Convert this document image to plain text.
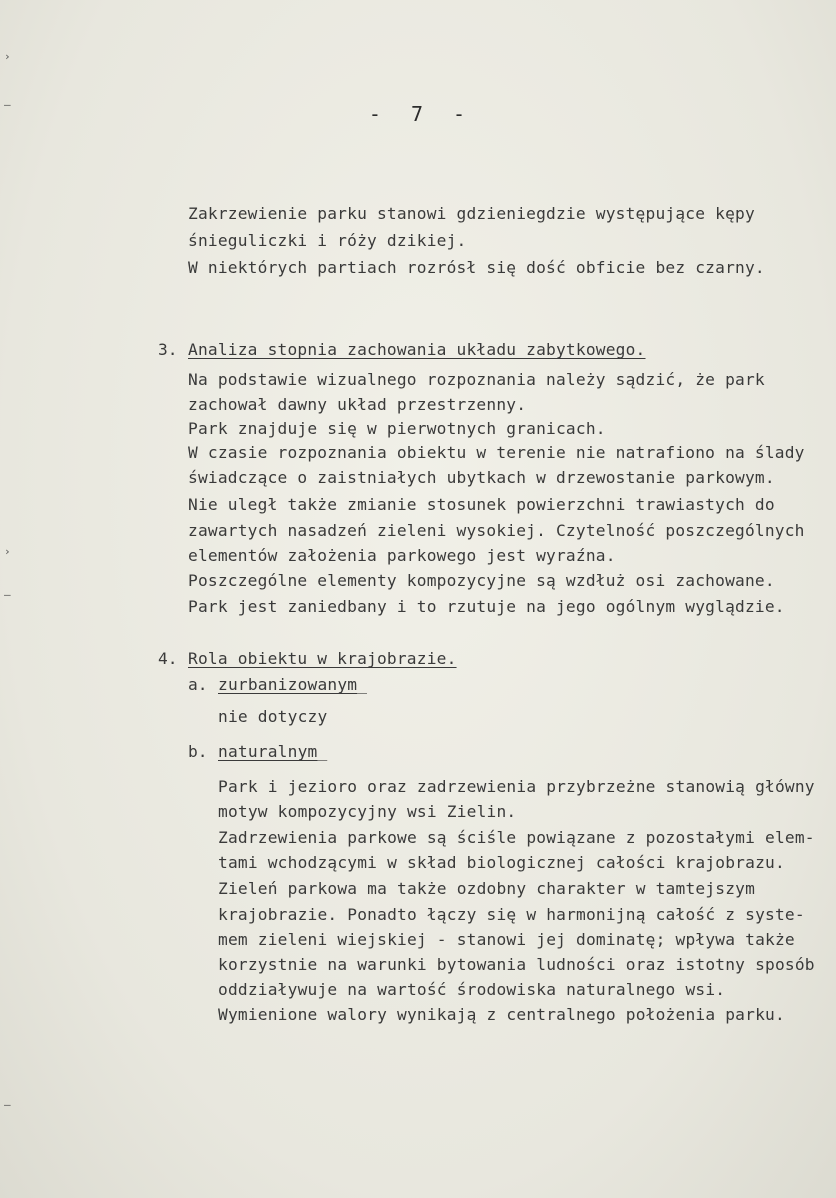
›
–
›
–
–
- 7 -
Zakrzewienie parku stanowi gdzieniegdzie występujące kępy
śnieguliczki i róży dzikiej.
W niektórych partiach rozrósł się dość obficie bez czarny.
3. Analiza stopnia zachowania układu zabytkowego.
Na podstawie wizualnego rozpoznania należy sądzić, że park
zachował dawny układ przestrzenny.
Park znajduje się w pierwotnych granicach.
W czasie rozpoznania obiektu w terenie nie natrafiono na ślady
świadczące o zaistniałych ubytkach w drzewostanie parkowym.
Nie uległ także zmianie stosunek powierzchni trawiastych do
zawartych nasadzeń zieleni wysokiej. Czytelność poszczególnych
elementów założenia parkowego jest wyraźna.
Poszczególne elementy kompozycyjne są wzdłuż osi zachowane.
Park jest zaniedbany i to rzutuje na jego ogólnym wyglądzie.
4. Rola obiektu w krajobrazie.
a. zurbanizowanym_
nie dotyczy
b. naturalnym_
Park i jezioro oraz zadrzewienia przybrzeżne stanowią główny
motyw kompozycyjny wsi Zielin.
Zadrzewienia parkowe są ściśle powiązane z pozostałymi elem-
tami wchodzącymi w skład biologicznej całości krajobrazu.
Zieleń parkowa ma także ozdobny charakter w tamtejszym
krajobrazie. Ponadto łączy się w harmonijną całość z syste-
mem zieleni wiejskiej - stanowi jej dominatę; wpływa także
korzystnie na warunki bytowania ludności oraz istotny sposób
oddziaływuje na wartość środowiska naturalnego wsi.
Wymienione walory wynikają z centralnego położenia parku.
